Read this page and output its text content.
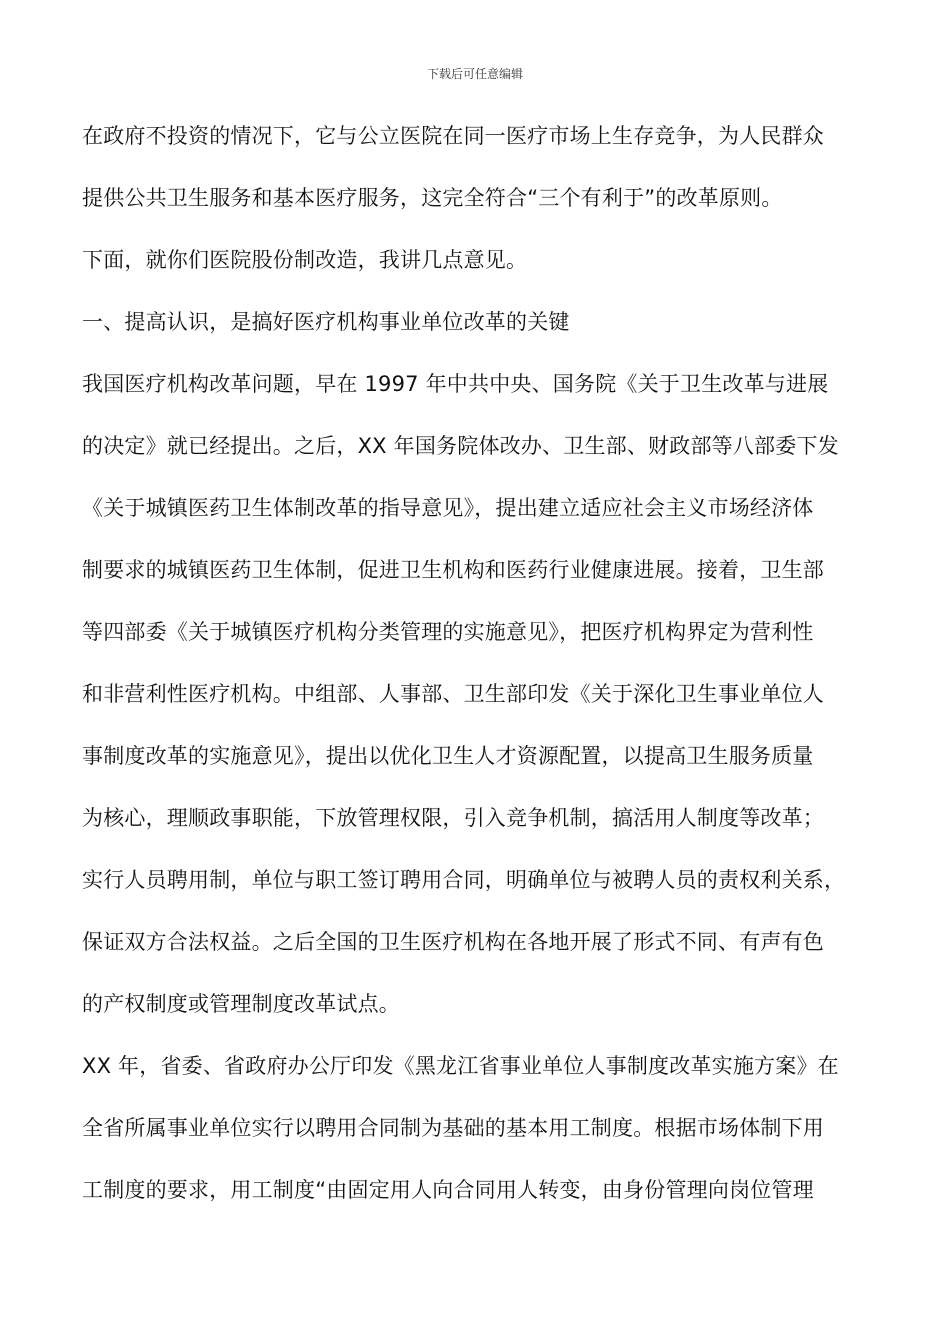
下载后可任意编辑
在政府不投资的情况下，它与公立医院在同一医疗市场上生存竞争，为人民群众
提供公共卫生服务和基本医疗服务，这完全符合“三个有利于”的改革原则。
下面，就你们医院股份制改造，我讲几点意见。
一、提高认识，是搞好医疗机构事业单位改革的关键
我国医疗机构改革问题，早在 1997 年中共中央、国务院《关于卫生改革与进展
的决定》就已经提出。之后，XX 年国务院体改办、卫生部、财政部等八部委下发
《关于城镇医药卫生体制改革的指导意见》，提出建立适应社会主义市场经济体
制要求的城镇医药卫生体制，促进卫生机构和医药行业健康进展。接着，卫生部
等四部委《关于城镇医疗机构分类管理的实施意见》，把医疗机构界定为营利性
和非营利性医疗机构。中组部、人事部、卫生部印发《关于深化卫生事业单位人
事制度改革的实施意见》，提出以优化卫生人才资源配置，以提高卫生服务质量
为核心，理顺政事职能，下放管理权限，引入竞争机制，搞活用人制度等改革；
实行人员聘用制，单位与职工签订聘用合同，明确单位与被聘人员的责权利关系，
保证双方合法权益。之后全国的卫生医疗机构在各地开展了形式不同、有声有色
的产权制度或管理制度改革试点。
XX 年，省委、省政府办公厅印发《黑龙江省事业单位人事制度改革实施方案》在
全省所属事业单位实行以聘用合同制为基础的基本用工制度。根据市场体制下用
工制度的要求，用工制度“由固定用人向合同用人转变，由身份管理向岗位管理
